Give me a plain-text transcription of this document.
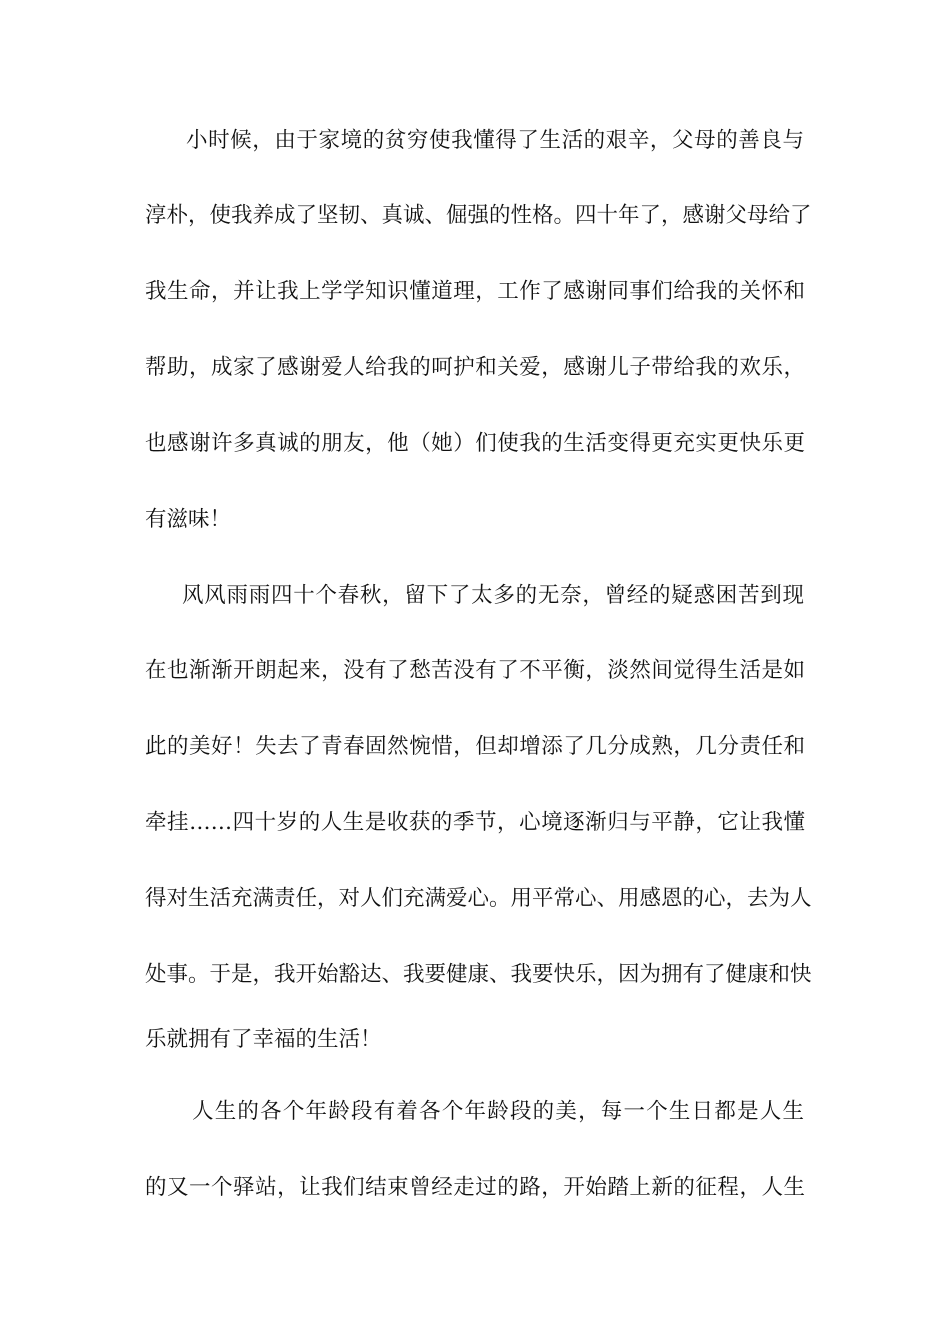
小时候，由于家境的贫穷使我懂得了生活的艰辛，父母的善良与
淳朴，使我养成了坚韧、真诚、倔强的性格。四十年了，感谢父母给了
我生命，并让我上学学知识懂道理，工作了感谢同事们给我的关怀和
帮助，成家了感谢爱人给我的呵护和关爱，感谢儿子带给我的欢乐，
也感谢许多真诚的朋友，他（她）们使我的生活变得更充实更快乐更
有滋味！
风风雨雨四十个春秋，留下了太多的无奈，曾经的疑惑困苦到现
在也渐渐开朗起来，没有了愁苦没有了不平衡，淡然间觉得生活是如
此的美好！失去了青春固然惋惜，但却增添了几分成熟，几分责任和
牵挂……四十岁的人生是收获的季节，心境逐渐归与平静，它让我懂
得对生活充满责任，对人们充满爱心。用平常心、用感恩的心，去为人
处事。于是，我开始豁达、我要健康、我要快乐，因为拥有了健康和快
乐就拥有了幸福的生活！
人生的各个年龄段有着各个年龄段的美，每一个生日都是人生
的又一个驿站，让我们结束曾经走过的路，开始踏上新的征程，人生
